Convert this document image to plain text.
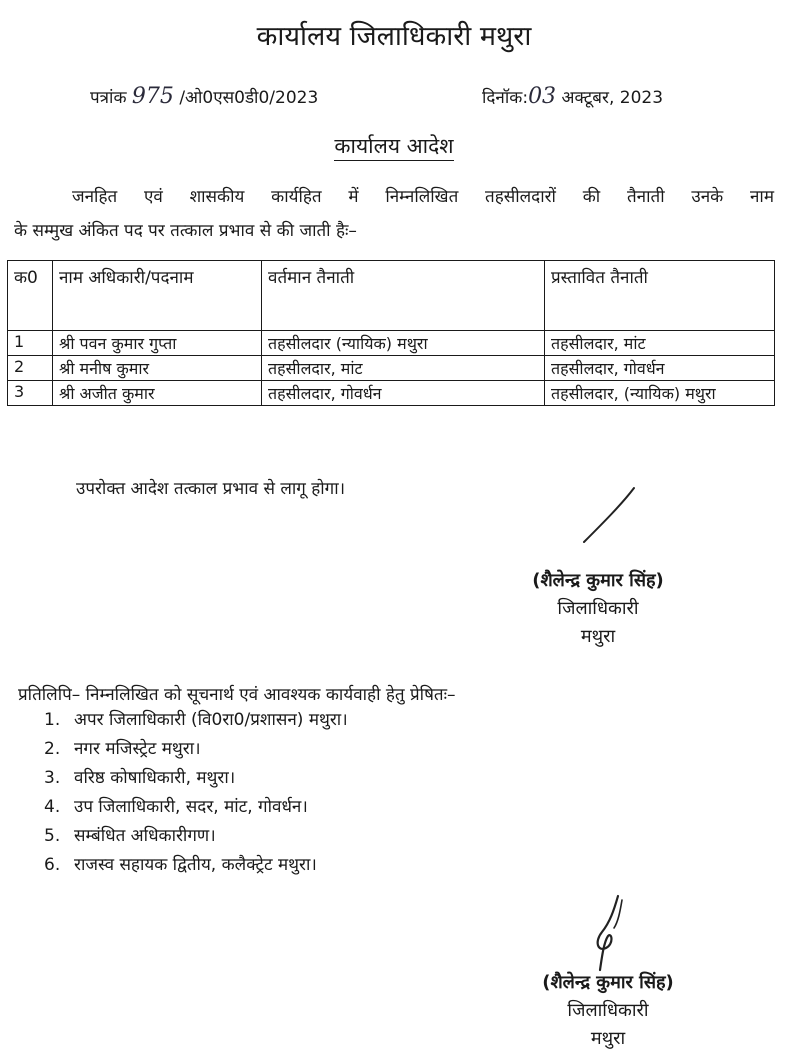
कार्यालय जिलाधिकारी मथुरा
पत्रांक 975 /ओ0एस0डी0/2023	दिनॉक:03 अक्टूबर, 2023
कार्यालय आदेश
जनहित एवं शासकीय कार्यहित में निम्नलिखित तहसीलदारों की तैनाती उनके नाम
के सम्मुख अंकित पद पर तत्काल प्रभाव से की जाती हैः–
क0	नाम अधिकारी/पदनाम	वर्तमान तैनाती	प्रस्तावित तैनाती
1	श्री पवन कुमार गुप्ता	तहसीलदार (न्यायिक) मथुरा	तहसीलदार, मांट
2	श्री मनीष कुमार	तहसीलदार, मांट	तहसीलदार, गोवर्धन
3	श्री अजीत कुमार	तहसीलदार, गोवर्धन	तहसीलदार, (न्यायिक) मथुरा
उपरोक्त आदेश तत्काल प्रभाव से लागू होगा।
(शैलेन्द्र कुमार सिंह)
जिलाधिकारी
मथुरा
प्रतिलिपि– निम्नलिखित को सूचनार्थ एवं आवश्यक कार्यवाही हेतु प्रेषितः–
1. अपर जिलाधिकारी (वि0रा0/प्रशासन) मथुरा।
2. नगर मजिस्ट्रेट मथुरा।
3. वरिष्ठ कोषाधिकारी, मथुरा।
4. उप जिलाधिकारी, सदर, मांट, गोवर्धन।
5. सम्बंधित अधिकारीगण।
6. राजस्व सहायक द्वितीय, कलैक्ट्रेट मथुरा।
(शैलेन्द्र कुमार सिंह)
जिलाधिकारी
मथुरा
